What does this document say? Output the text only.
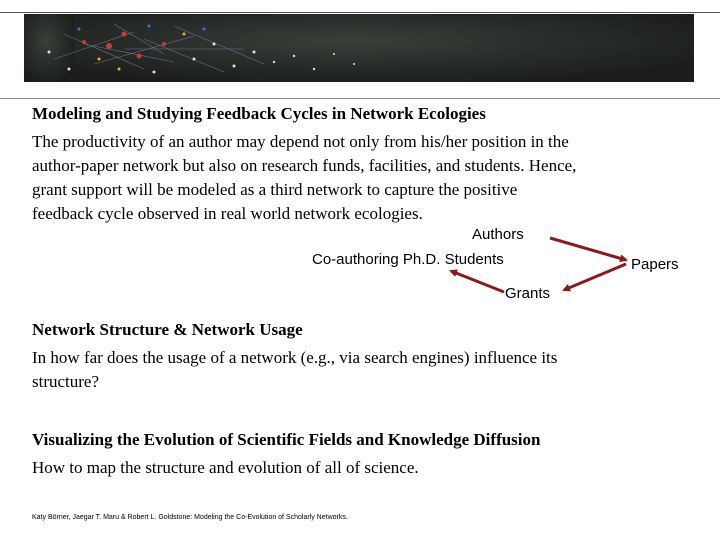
Modeling and Studying Feedback Cycles in Network Ecologies

The productivity of an author may depend not only from his/her position in the

author-paper network but also on research funds, facilities, and students. Hence,

grant support will be modeled as a third network to capture the positive

feedback cycle observed in real world network ecologies.

Authors

Co-authoring Ph.D. Students	Papers

Grants

Network Structure & Network Usage

In how far does the usage of a network (e.g., via search engines) influence its

structure?

Visualizing the Evolution of Scientific Fields and Knowledge Diffusion

How to map the structure and evolution of all of science.

Katy Börner, Jaegar T. Maru & Robert L. Goldstone: Modeling the Co-Evolution of Scholarly Networks.
